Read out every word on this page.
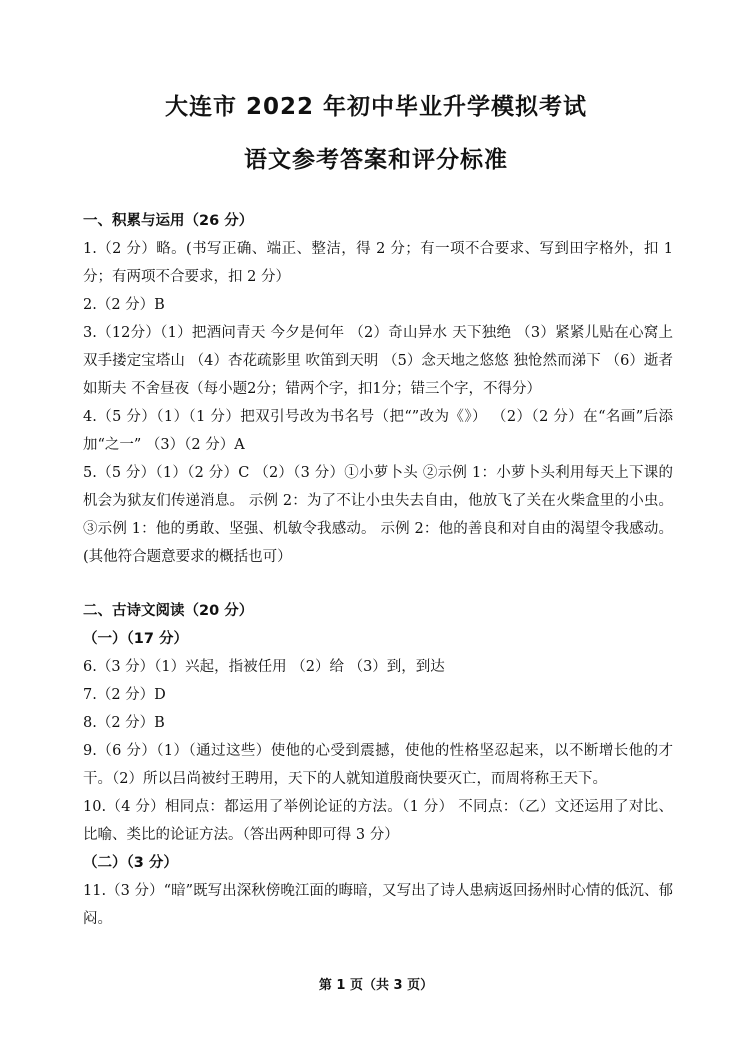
大连市 2022 年初中毕业升学模拟考试
语文参考答案和评分标准

一、积累与运用（26 分）

1.（2 分）略。(书写正确、端正、整洁，得 2 分；有一项不合要求、写到田字格外，扣 1 分；有两项不合要求，扣 2 分）

2.（2 分）B

3.（12分）（1）把酒问青天 今夕是何年 （2）奇山异水 天下独绝 （3）紧紧儿贴在心窝上 双手搂定宝塔山 （4）杏花疏影里 吹笛到天明 （5）念天地之悠悠 独怆然而涕下 （6）逝者如斯夫 不舍昼夜（每小题2分；错两个字，扣1分；错三个字，不得分）

4.（5 分）（1）（1 分）把双引号改为书名号（把“”改为《》） （2）（2 分）在“名画”后添加“之一” （3）（2 分）A

5.（5 分）（1）（2 分）C （2）（3 分）①小萝卜头 ②示例 1：小萝卜头利用每天上下课的机会为狱友们传递消息。 示例 2：为了不让小虫失去自由，他放飞了关在火柴盒里的小虫。 ③示例 1：他的勇敢、坚强、机敏令我感动。 示例 2：他的善良和对自由的渴望令我感动。(其他符合题意要求的概括也可）

二、古诗文阅读（20 分）

（一）（17 分）

6.（3 分）（1）兴起，指被任用 （2）给 （3）到，到达

7.（2 分）D

8.（2 分）B

9.（6 分）（1）（通过这些）使他的心受到震撼，使他的性格坚忍起来，以不断增长他的才干。（2）所以吕尚被纣王聘用，天下的人就知道殷商快要灭亡，而周将称王天下。

10.（4 分）相同点：都运用了举例论证的方法。（1 分） 不同点：（乙）文还运用了对比、比喻、类比的论证方法。（答出两种即可得 3 分）

（二）（3 分）

11.（3 分）“暗”既写出深秋傍晚江面的晦暗，又写出了诗人患病返回扬州时心情的低沉、郁闷。

第 1 页（共 3 页）
